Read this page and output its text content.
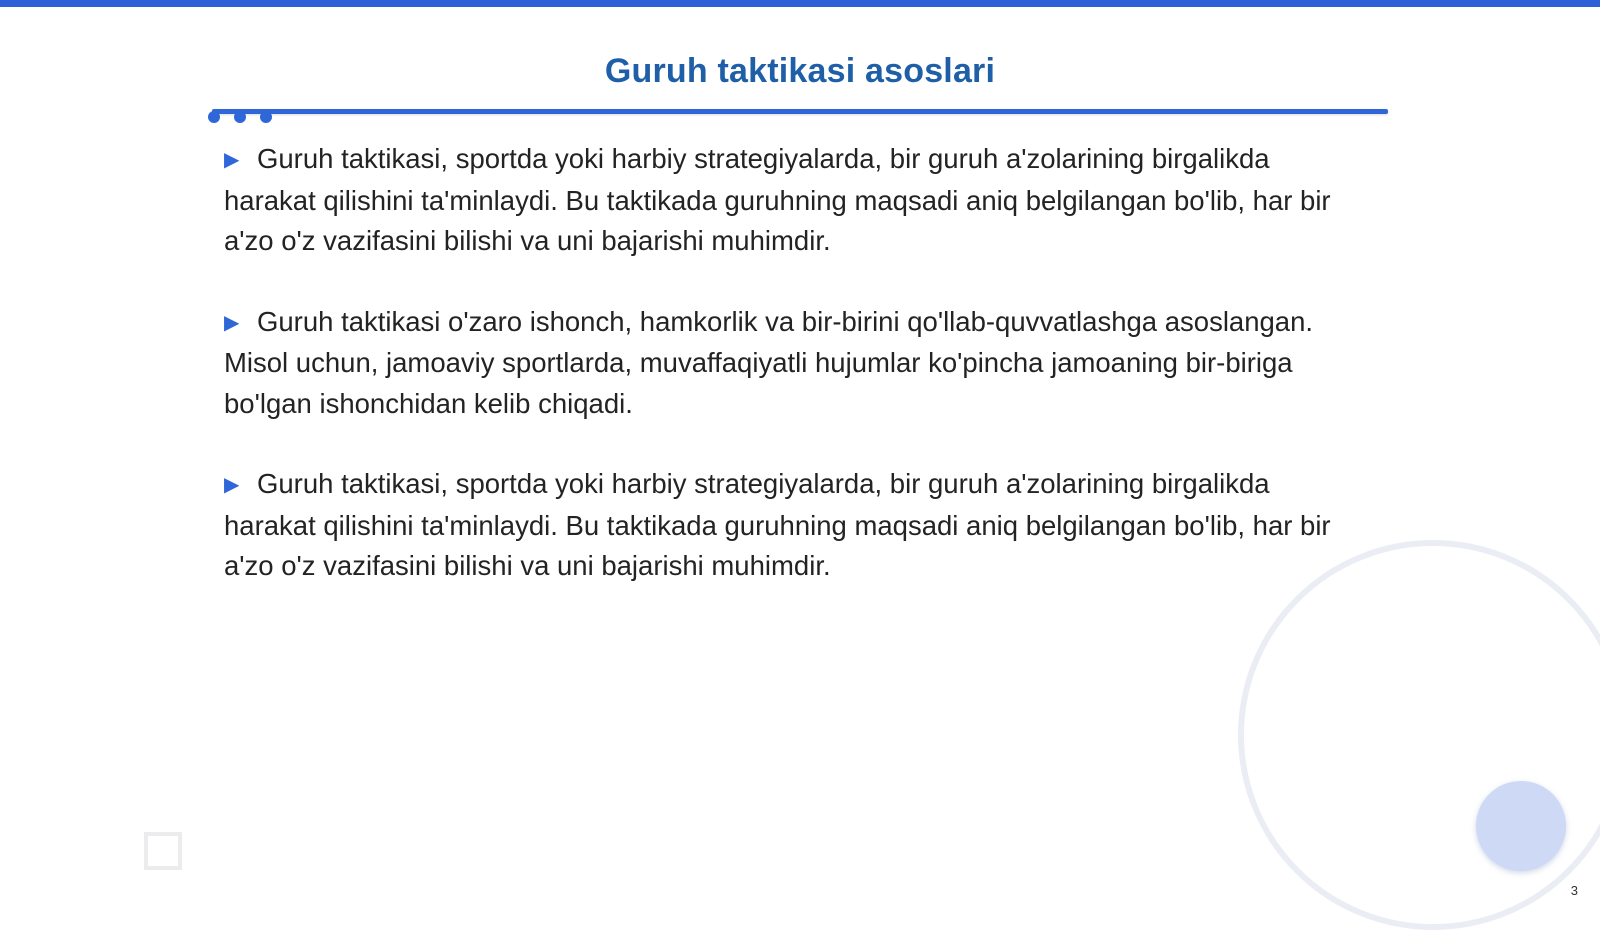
Guruh taktikasi asoslari

▶ Guruh taktikasi, sportda yoki harbiy strategiyalarda, bir guruh a'zolarining birgalikda harakat qilishini ta'minlaydi. Bu taktikada guruhning maqsadi aniq belgilangan bo'lib, har bir a'zo o'z vazifasini bilishi va uni bajarishi muhimdir.

▶ Guruh taktikasi o'zaro ishonch, hamkorlik va bir-birini qo'llab-quvvatlashga asoslangan. Misol uchun, jamoaviy sportlarda, muvaffaqiyatli hujumlar ko'pincha jamoaning bir-biriga bo'lgan ishonchidan kelib chiqadi.

▶ Guruh taktikasi, sportda yoki harbiy strategiyalarda, bir guruh a'zolarining birgalikda harakat qilishini ta'minlaydi. Bu taktikada guruhning maqsadi aniq belgilangan bo'lib, har bir a'zo o'z vazifasini bilishi va uni bajarishi muhimdir.

3
